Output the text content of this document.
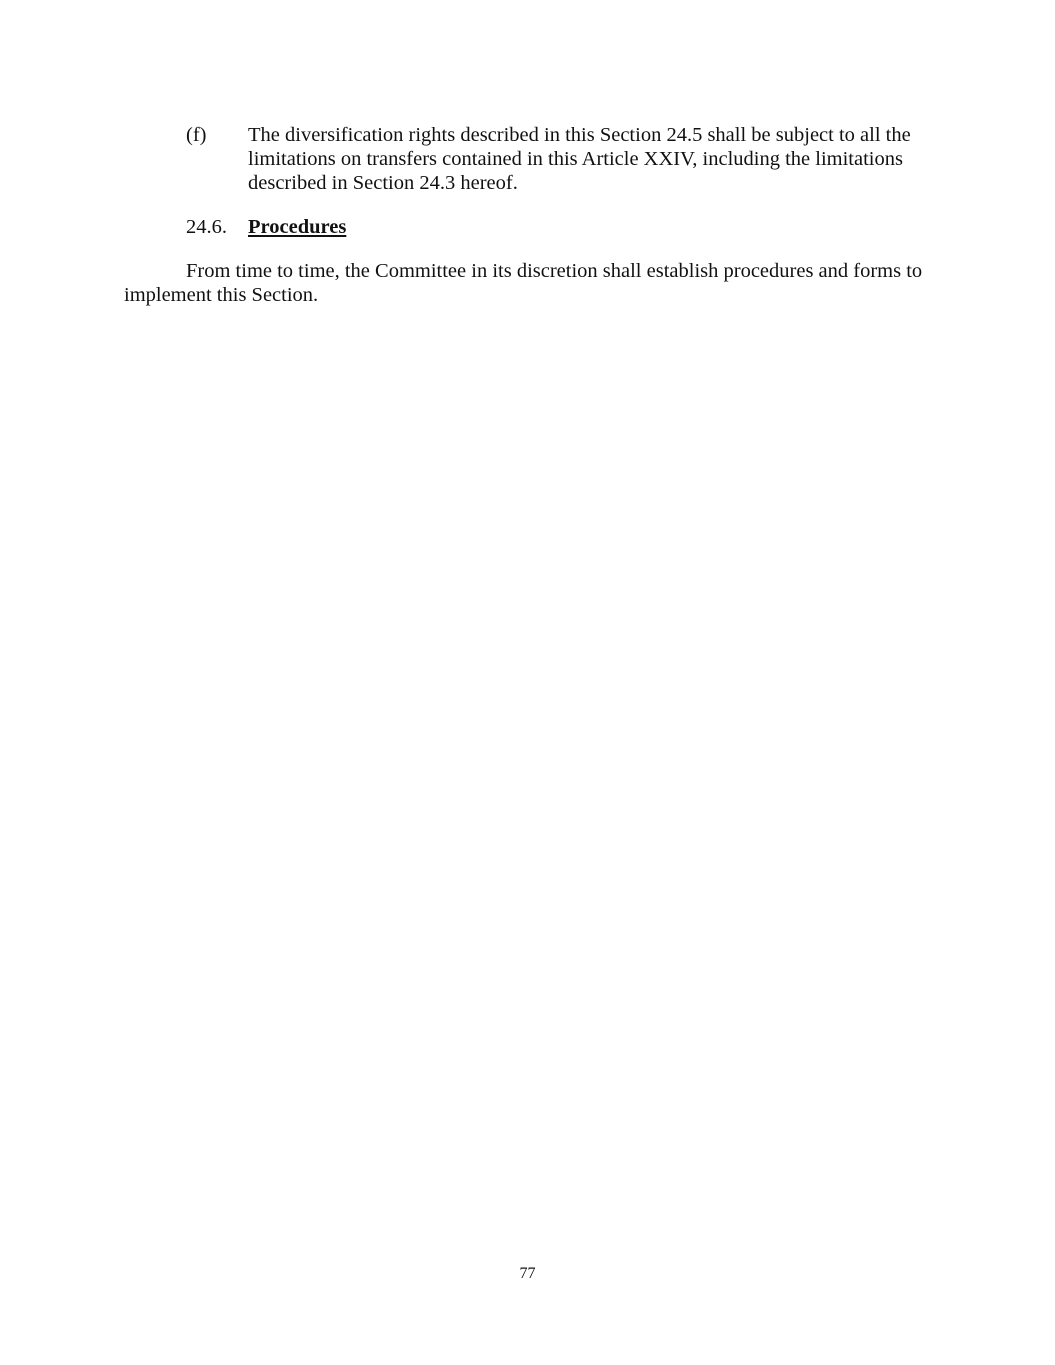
(f)	The diversification rights described in this Section 24.5 shall be subject to all the
limitations on transfers contained in this Article XXIV, including the limitations
described in Section 24.3 hereof.
24.6. Procedures
From time to time, the Committee in its discretion shall establish procedures and forms to
implement this Section.
77
